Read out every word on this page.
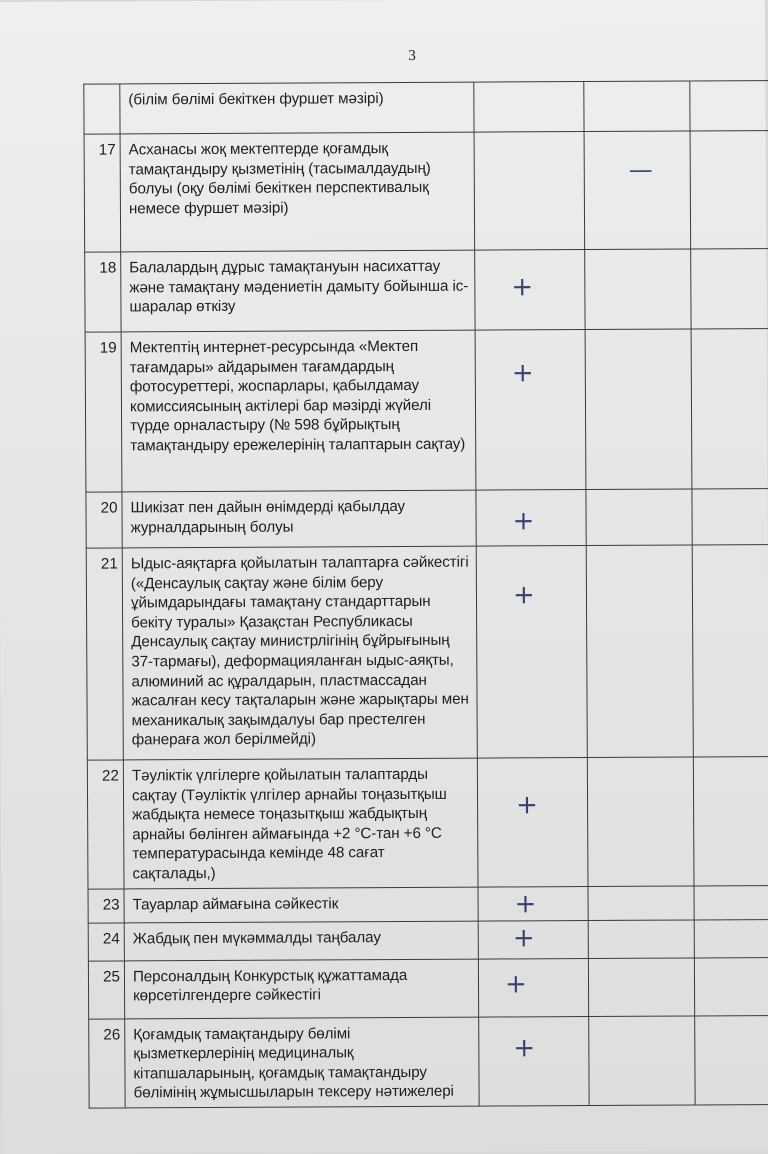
3
	(білім бөлімі бекіткен фуршет мәзірі)	

17	Асханасы жоқ мектептерде қоғамдық тамақтандыру қызметінің (тасымалдаудың) болуы (оқу бөлімі бекіткен перспективалық немесе фуршет мәзірі)		—	

18	Балалардың дұрыс тамақтануын насихаттау және тамақтану мәдениетін дамыту бойынша іс-шаралар өткізу	+		

19	Мектептің интернет-ресурсында «Мектеп тағамдары» айдарымен тағамдардың фотосуреттері, жоспарлары, қабылдамау комиссиясының актілері бар мәзірді жүйелі түрде орналастыру (№ 598 бұйрықтың тамақтандыру ережелерінің талаптарын сақтау)	+		

20	Шикізат пен дайын өнімдерді қабылдау журналдарының болуы	+		

21	Ыдыс-аяқтарға қойылатын талаптарға сәйкестігі («Денсаулық сақтау және білім беру ұйымдарындағы тамақтану стандарттарын бекіту туралы» Қазақстан Республикасы Денсаулық сақтау министрлігінің бұйрығының 37-тармағы), деформацияланған ыдыс-аяқты, алюминий ас құралдарын, пластмассадан жасалған кесу тақталарын және жарықтары мен механикалық зақымдалуы бар престелген фанераға жол берілмейді)	+		

22	Тәуліктік үлгілерге қойылатын талаптарды сақтау (Тәуліктік үлгілер арнайы тоңазытқыш жабдықта немесе тоңазытқыш жабдықтың арнайы бөлінген аймағында +2 °С-тан +6 °С температурасында кемінде 48 сағат сақталады,)	+		

23	Тауарлар аймағына сәйкестік	+		

24	Жабдық пен мүкәммалды таңбалау	+		

25	Персоналдың Конкурстық құжаттамада көрсетілгендерге сәйкестігі	+		

26	Қоғамдық тамақтандыру бөлімі қызметкерлерінің медициналық кітапшаларының, қоғамдық тамақтандыру бөлімінің жұмысшыларын тексеру нәтижелері	+		
